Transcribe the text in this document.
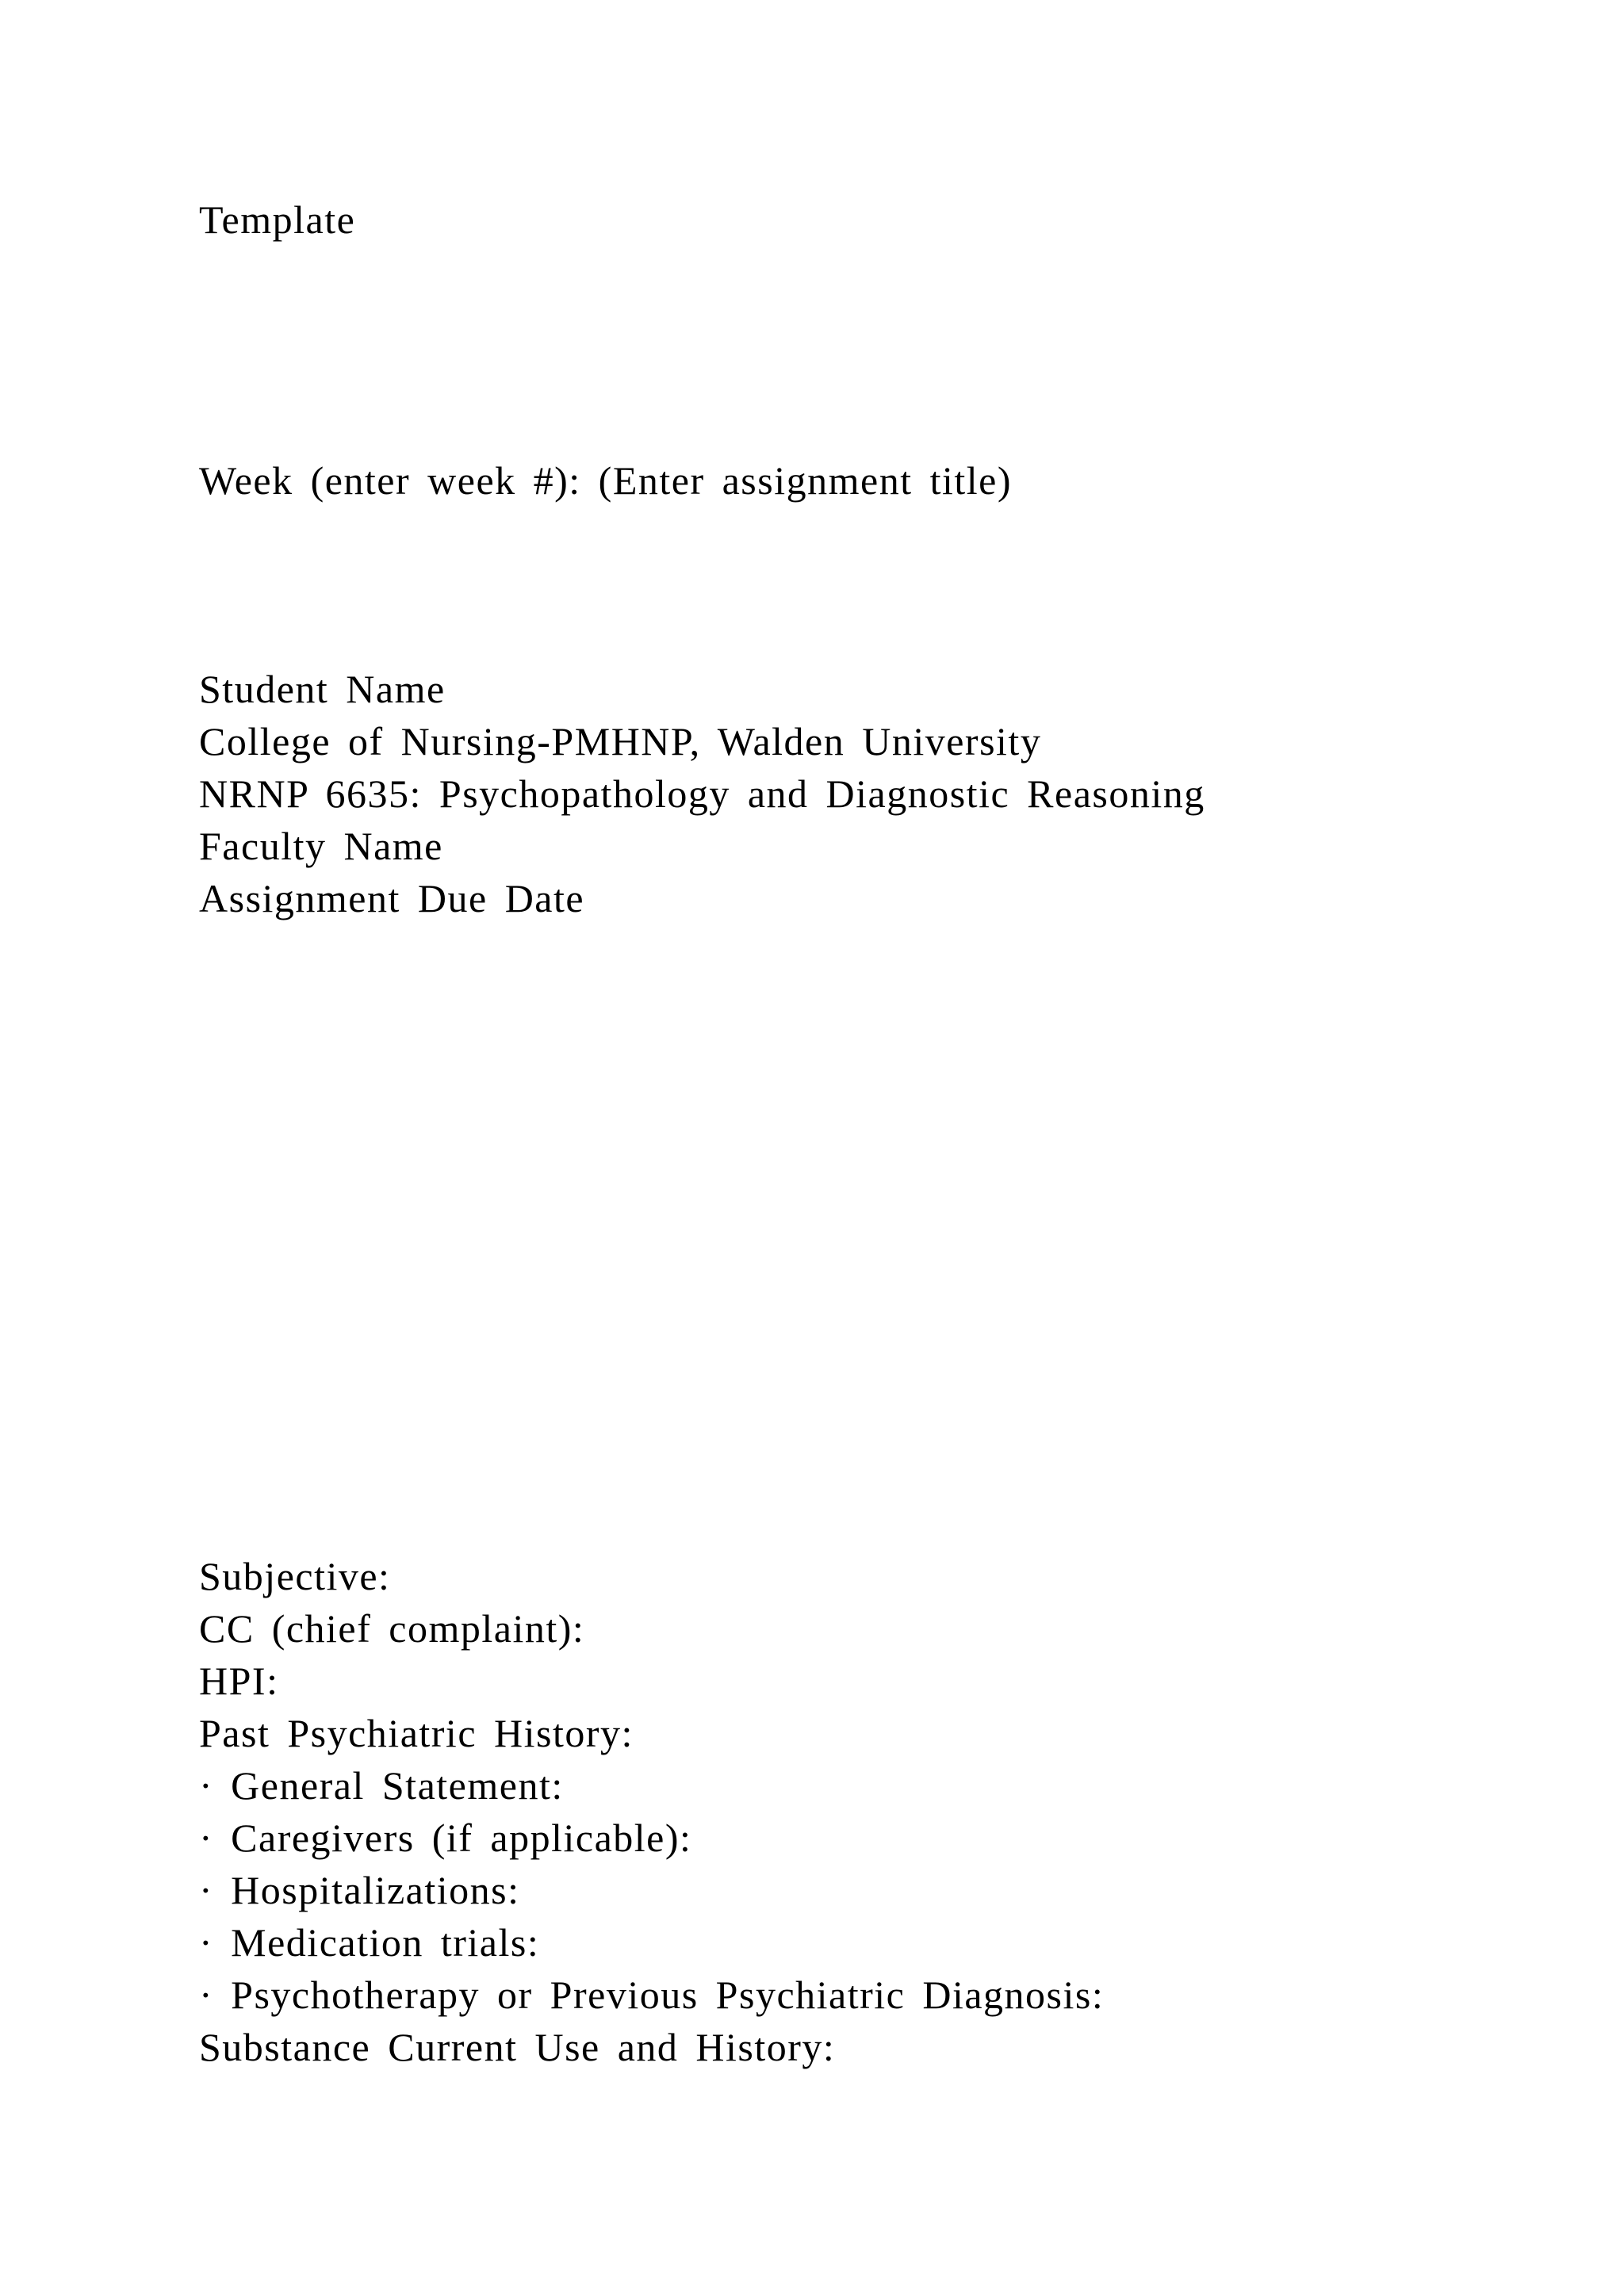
Template
Week (enter week #): (Enter assignment title)
Student Name
College of Nursing-PMHNP, Walden University
NRNP 6635: Psychopathology and Diagnostic Reasoning
Faculty Name
Assignment Due Date
Subjective:
CC (chief complaint):
HPI:
Past Psychiatric History:
· General Statement:
· Caregivers (if applicable):
· Hospitalizations:
· Medication trials:
· Psychotherapy or Previous Psychiatric Diagnosis:
Substance Current Use and History:
